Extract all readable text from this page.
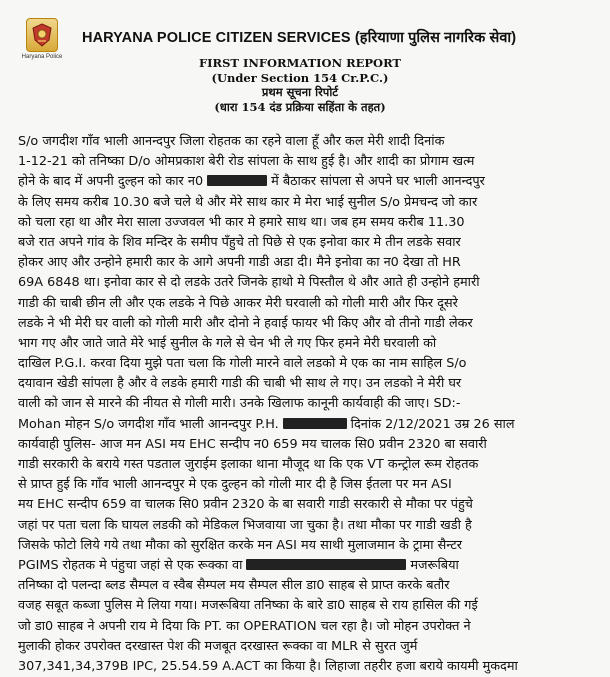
Haryana Police
HARYANA POLICE CITIZEN SERVICES (हरियाणा पुलिस नागरिक सेवा)
FIRST INFORMATION REPORT
(Under Section 154 Cr.P.C.)
प्रथम सूचना रिपोर्ट
(धारा 154 दंड प्रक्रिया सहिंता के तहत)
S/o जगदीश गाँव भाली आनन्दपुर जिला रोहतक का रहने वाला हूँ और कल मेरी शादी दिनांक
1-12-21 को तनिष्का D/o ओमप्रकाश बेरी रोड सांपला के साथ हुई है। और शादी का प्रोगाम खत्म
होने के बाद में अपनी दुल्हन को कार न0	में बैठाकर सांपला से अपने घर भाली आनन्दपुर
के लिए समय करीब 10.30 बजे चले थे और मेरे साथ कार मे मेरा भाई सुनील S/o प्रेमचन्द जो कार
को चला रहा था और मेरा साला उज्जवल भी कार मे हमारे साथ था। जब हम समय करीब 11.30
बजे रात अपने गांव के शिव मन्दिर के समीप पँहुचे तो पिछे से एक इनोवा कार मे तीन लडके सवार
होकर आए और उन्होने हमारी कार के आगे अपनी गाडी अडा दी। मैने इनोवा का न0 देखा तो HR
69A 6848 था। इनोवा कार से दो लडके उतरे जिनके हाथो मे पिस्तौल थे और आते ही उन्होने हमारी
गाडी की चाबी छीन ली और एक लडके ने पिछे आकर मेरी घरवाली को गोली मारी और फिर दूसरे
लडके ने भी मेरी घर वाली को गोली मारी और दोनो ने हवाई फायर भी किए और वो तीनो गाडी लेकर
भाग गए और जाते जाते मेरे भाई सुनील के गले से चेन भी ले गए फिर हमने मेरी घरवाली को
दाखिल P.G.I. करवा दिया मुझे पता चला कि गोली मारने वाले लडको मे एक का नाम साहिल S/o
दयावान खेडी सांपला है और वे लडके हमारी गाडी की चाबी भी साथ ले गए। उन लडको ने मेरी घर
वाली को जान से मारने की नीयत से गोली मारी। उनके खिलाफ कानूनी कार्यवाही की जाए। SD:-
Mohan मोहन S/o जगदीश गाँव भाली आनन्दपुर P.H.	दिनांक 2/12/2021 उम्र 26 साल
कार्यवाही पुलिस- आज मन ASI मय EHC सन्दीप न0 659 मय चालक सि0 प्रवीन 2320 बा सवारी
गाडी सरकारी के बराये गस्त पडताल जुराईम इलाका थाना मौजूद था कि एक VT कन्ट्रोल रूम रोहतक
से प्राप्त हुई कि गाँव भाली आनन्दपुर मे एक दुल्हन को गोली मार दी है जिस ईतला पर मन ASI
मय EHC सन्दीप 659 वा चालक सि0 प्रवीन 2320 के बा सवारी गाडी सरकारी से मौका पर पंहुचे
जहां पर पता चला कि घायल लडकी को मेडिकल भिजवाया जा चुका है। तथा मौका पर गाडी खडी है
जिसके फोटो लिये गये तथा मौका को सुरक्षित करके मन ASI मय साथी मुलाजमान के ट्रामा सैन्टर
PGIMS रोहतक मे पंहुचा जहां से एक रूक्का वा	मजरूबिया
तनिष्का दो पलन्दा ब्लड सैम्पल व स्वैब सैम्पल मय सैम्पल सील डा0 साहब से प्राप्त करके बतौर
वजह सबूत कब्जा पुलिस मे लिया गया। मजरूबिया तनिष्का के बारे डा0 साहब से राय हासिल की गई
जो डा0 साहब ने अपनी राय मे दिया कि PT. का OPERATION चल रहा है। जो मोहन उपरोक्त ने
मुलाकी होकर उपरोक्त दरखास्त पेश की मजबूत दरखास्त रूक्का वा MLR से सुरत जुर्म
307,341,34,379B IPC, 25.54.59 A.ACT का किया है। लिहाजा तहरीर हजा बराये कायमी मुकदमा
